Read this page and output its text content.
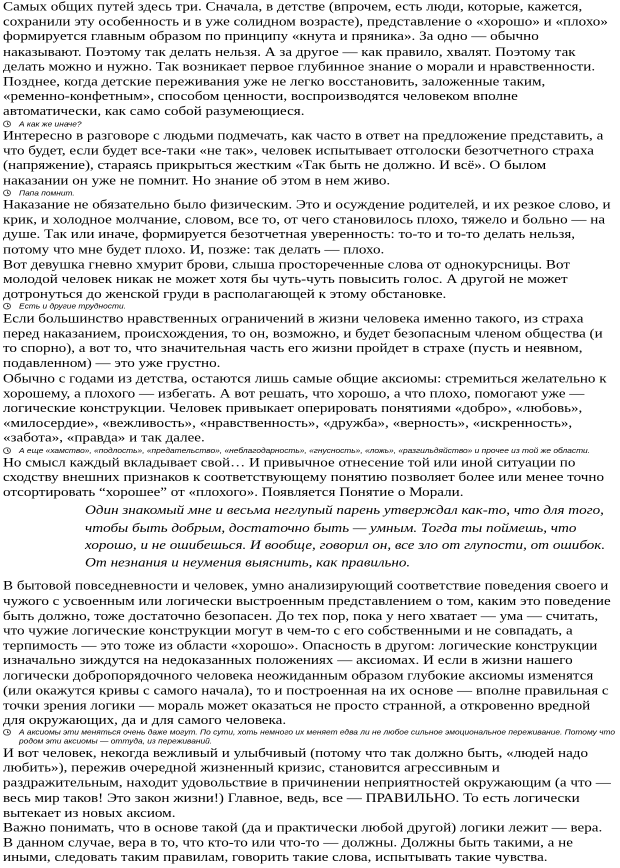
Самых общих путей здесь три. Сначала, в детстве (впрочем, есть люди, которые, кажется, сохранили эту особенность и в уже солидном возрасте), представление о «хорошо» и «плохо» формируется главным образом по принципу «кнута и пряника». За одно — обычно наказывают. Поэтому так делать нельзя. А за другое — как правило, хвалят. Поэтому так делать можно и нужно. Так возникает первое глубинное знание о морали и нравственности. Позднее, когда детские переживания уже не легко восстановить, заложенные таким, «ременно-конфетным», способом ценности, воспроизводятся человеком вполне автоматически, как само собой разумеющиеся.

А как же иначе?

Интересно в разговоре с людьми подмечать, как часто в ответ на предложение представить, а что будет, если будет все-таки «не так», человек испытывает отголоски безотчетного страха (напряжение), стараясь прикрыться жестким «Так быть не должно. И всё». О былом наказании он уже не помнит. Но знание об этом в нем живо.

Папа помнит.

Наказание не обязательно было физическим. Это и осуждение родителей, и их резкое слово, и крик, и холодное молчание, словом, все то, от чего становилось плохо, тяжело и больно — на душе. Так или иначе, формируется безотчетная уверенность: то-то и то-то делать нельзя, потому что мне будет плохо. И, позже: так делать — плохо.

Вот девушка гневно хмурит брови, слыша простореченные слова от однокурсницы. Вот молодой человек никак не может хотя бы чуть-чуть повысить голос. А другой не может дотронуться до женской груди в располагающей к этому обстановке.

Есть и другие трудности.

Если большинство нравственных ограничений в жизни человека именно такого, из страха перед наказанием, происхождения, то он, возможно, и будет безопасным членом общества (и то спорно), а вот то, что значительная часть его жизни пройдет в страхе (пусть и неявном, подавленном) — это уже грустно.

Обычно с годами из детства, остаются лишь самые общие аксиомы: стремиться желательно к хорошему, а плохого — избегать. А вот решать, что хорошо, а что плохо, помогают уже — логические конструкции. Человек привыкает оперировать понятиями «добро», «любовь», «милосердие», «вежливость», «нравственность», «дружба», «верность», «искренность», «забота», «правда» и так далее.

А еще «хамство», «подлость», «предательство», «неблагодарность», «гнусность», «ложь», «разгильдяйство» и прочее из той же области.

Но смысл каждый вкладывает свой… И привычное отнесение той или иной ситуации по сходству внешних признаков к соответствующему понятию позволяет более или менее точно отсортировать “хорошее” от «плохого». Появляется Понятие о Морали.

Один знакомый мне и весьма неглупый парень утверждал как-то, что для того, чтобы быть добрым, достаточно быть — умным. Тогда ты поймешь, что хорошо, и не ошибешься. И вообще, говорил он, все зло от глупости, от ошибок. От незнания и неумения выяснить, как правильно.

В бытовой повседневности и человек, умно анализирующий соответствие поведения своего и чужого с усвоенным или логически выстроенным представлением о том, каким это поведение быть должно, тоже достаточно безопасен. До тех пор, пока у него хватает — ума — считать, что чужие логические конструкции могут в чем-то с его собственными и не совпадать, а терпимость — это тоже из области «хорошо». Опасность в другом: логические конструкции изначально зиждутся на недоказанных положениях — аксиомах. И если в жизни нашего логически добропорядочного человека неожиданным образом глубокие аксиомы изменятся (или окажутся кривы с самого начала), то и построенная на их основе — вполне правильная с точки зрения логики — мораль может оказаться не просто странной, а откровенно вредной для окружающих, да и для самого человека.

А аксиомы эти меняться очень даже могут. По сути, хоть немного их меняет едва ли не любое сильное эмоциональное переживание. Потому что родом эти аксиомы — оттуда, из переживаний.

И вот человек, некогда вежливый и улыбчивый (потому что так должно быть, «людей надо любить»), пережив очередной жизненный кризис, становится агрессивным и раздражительным, находит удовольствие в причинении неприятностей окружающим (а что — весь мир таков! Это закон жизни!) Главное, ведь, все — ПРАВИЛЬНО. То есть логически вытекает из новых аксиом.

Важно понимать, что в основе такой (да и практически любой другой) логики лежит — вера. В данном случае, вера в то, что кто-то или что-то — должны. Должны быть такими, а не иными, следовать таким правилам, говорить такие слова, испытывать такие чувства.
